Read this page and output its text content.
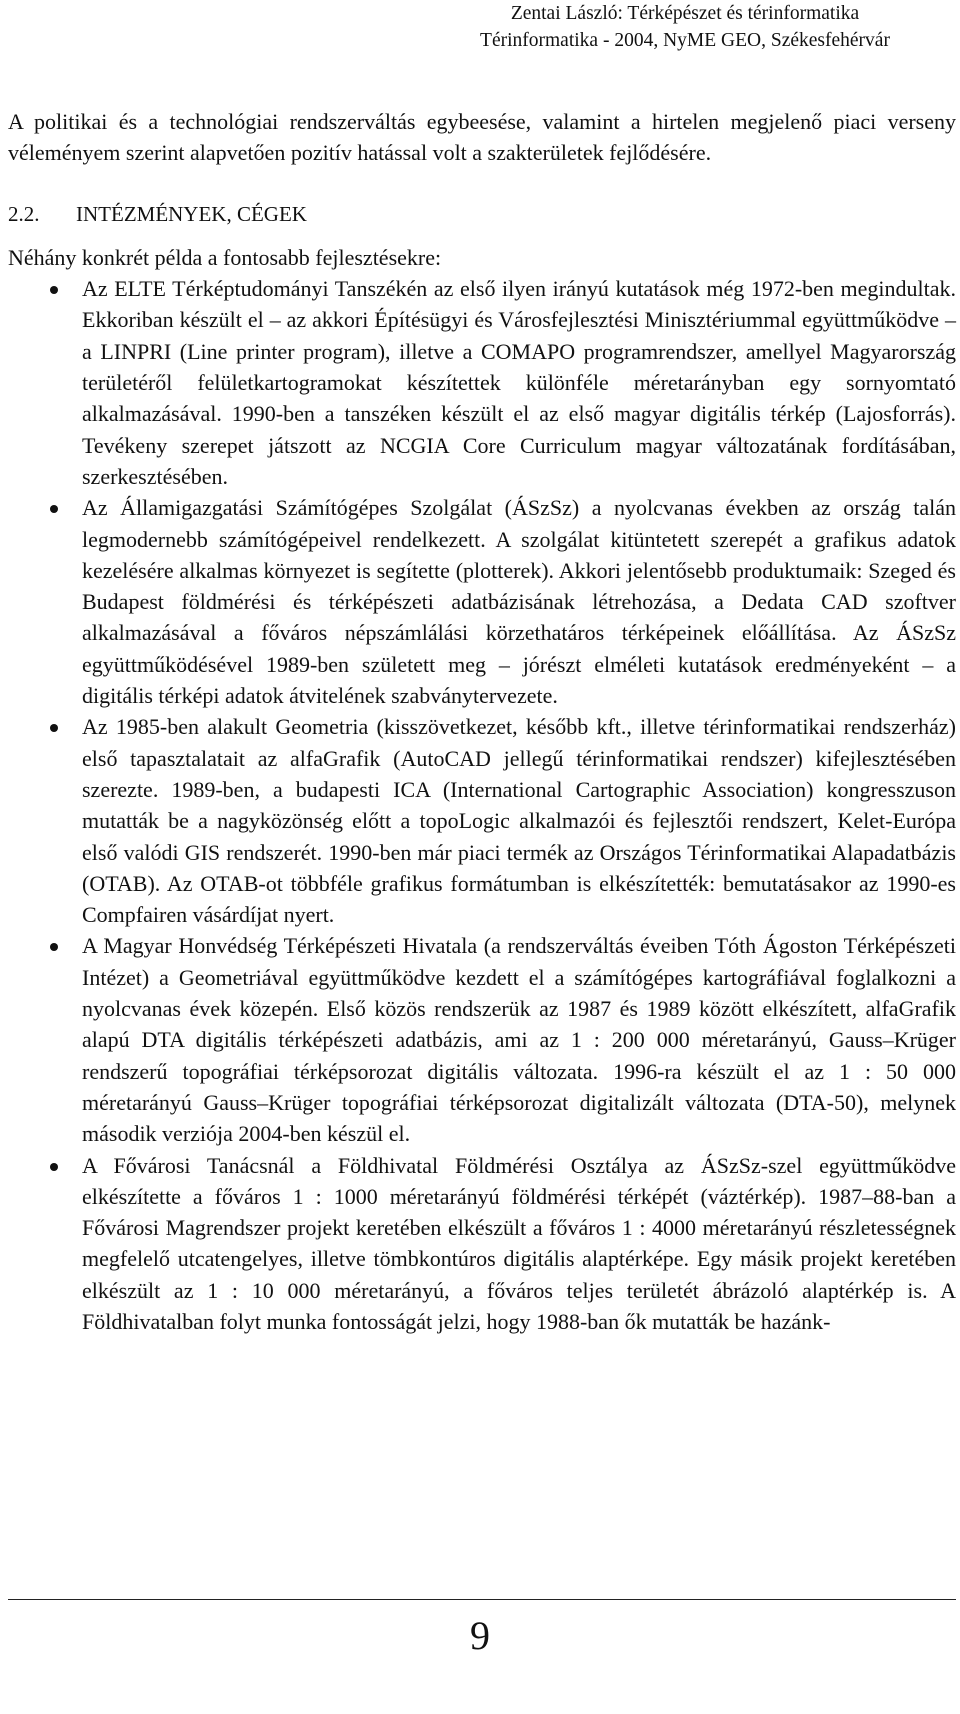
Zentai László: Térképészet és térinformatika
Térinformatika - 2004, NyME GEO, Székesfehérvár

A politikai és a technológiai rendszerváltás egybeesése, valamint a hirtelen megjelenő piaci verseny véleményem szerint alapvetően pozitív hatással volt a szakterületek fejlődésére.

2.2. INTÉZMÉNYEK, CÉGEK

Néhány konkrét példa a fontosabb fejlesztésekre:

Az ELTE Térképtudományi Tanszékén az első ilyen irányú kutatások még 1972-ben megindultak. Ekkoriban készült el – az akkori Építésügyi és Városfejlesztési Minisztériummal együttműködve – a LINPRI (Line printer program), illetve a COMAPO programrendszer, amellyel Magyarország területéről felületkartogramokat készítettek különféle méretarányban egy sornyomtató alkalmazásával. 1990-ben a tanszéken készült el az első magyar digitális térkép (Lajosforrás). Tevékeny szerepet játszott az NCGIA Core Curriculum magyar változatának fordításában, szerkesztésében.
Az Államigazgatási Számítógépes Szolgálat (ÁSzSz) a nyolcvanas években az ország talán legmodernebb számítógépeivel rendelkezett. A szolgálat kitüntetett szerepét a grafikus adatok kezelésére alkalmas környezet is segítette (plotterek). Akkori jelentősebb produktumaik: Szeged és Budapest földmérési és térképészeti adatbázisának létrehozása, a Dedata CAD szoftver alkalmazásával a főváros népszámlálási körzethatáros térképeinek előállítása. Az ÁSzSz együttműködésével 1989-ben született meg – jórészt elméleti kutatások eredményeként – a digitális térképi adatok átvitelének szabványtervezete.
Az 1985-ben alakult Geometria (kisszövetkezet, később kft., illetve térinformatikai rendszerház) első tapasztalatait az alfaGrafik (AutoCAD jellegű térinformatikai rendszer) kifejlesztésében szerezte. 1989-ben, a budapesti ICA (International Cartographic Association) kongresszuson mutatták be a nagyközönség előtt a topoLogic alkalmazói és fejlesztői rendszert, Kelet-Európa első valódi GIS rendszerét. 1990-ben már piaci termék az Országos Térinformatikai Alapadatbázis (OTAB). Az OTAB-ot többféle grafikus formátumban is elkészítették: bemutatásakor az 1990-es Compfairen vásárdíjat nyert.
A Magyar Honvédség Térképészeti Hivatala (a rendszerváltás éveiben Tóth Ágoston Térképészeti Intézet) a Geometriával együttműködve kezdett el a számítógépes kartográfiával foglalkozni a nyolcvanas évek közepén. Első közös rendszerük az 1987 és 1989 között elkészített, alfaGrafik alapú DTA digitális térképészeti adatbázis, ami az 1 : 200 000 méretarányú, Gauss–Krüger rendszerű topográfiai térképsorozat digitális változata. 1996-ra készült el az 1 : 50 000 méretarányú Gauss–Krüger topográfiai térképsorozat digitalizált változata (DTA-50), melynek második verziója 2004-ben készül el.
A Fővárosi Tanácsnál a Földhivatal Földmérési Osztálya az ÁSzSz-szel együttműködve elkészítette a főváros 1 : 1000 méretarányú földmérési térképét (váztérkép). 1987–88-ban a Fővárosi Magrendszer projekt keretében elkészült a főváros 1 : 4000 méretarányú részletességnek megfelelő utcatengelyes, illetve tömbkontúros digitális alaptérképe. Egy másik projekt keretében elkészült az 1 : 10 000 méretarányú, a főváros teljes területét ábrázoló alaptérkép is. A Földhivatalban folyt munka fontosságát jelzi, hogy 1988-ban ők mutatták be hazánk-
9
